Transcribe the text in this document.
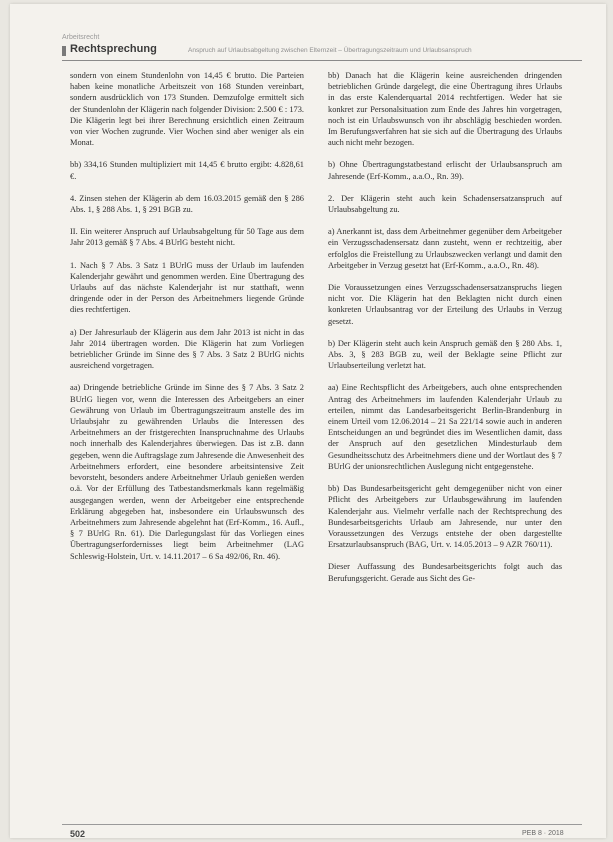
Arbeitsrecht
Rechtsprechung	Anspruch auf Urlaubsabgeltung zwischen Elternzeit – Übertragungszeitraum und Urlaubsanspruch

sondern von einem Stundenlohn von 14,45 € brutto. Die Parteien haben keine monatliche Arbeitszeit von 168 Stunden vereinbart, sondern ausdrücklich von 173 Stunden. Demzufolge ermittelt sich der Stundenlohn der Klägerin nach folgender Division: 2.500 € : 173. Die Klägerin legt bei ihrer Berechnung ersichtlich einen Zeitraum von vier Wochen zugrunde. Vier Wochen sind aber weniger als ein Monat.

bb) 334,16 Stunden multipliziert mit 14,45 € brutto ergibt: 4.828,61 €.

4. Zinsen stehen der Klägerin ab dem 16.03.2015 gemäß den § 286 Abs. 1, § 288 Abs. 1, § 291 BGB zu.

II. Ein weiterer Anspruch auf Urlaubsabgeltung für 50 Tage aus dem Jahr 2013 gemäß § 7 Abs. 4 BUrlG besteht nicht.

1. Nach § 7 Abs. 3 Satz 1 BUrlG muss der Urlaub im laufenden Kalenderjahr gewährt und genommen werden. Eine Übertragung des Urlaubs auf das nächste Kalenderjahr ist nur statthaft, wenn dringende oder in der Person des Arbeitnehmers liegende Gründe dies rechtfertigen.

a) Der Jahresurlaub der Klägerin aus dem Jahr 2013 ist nicht in das Jahr 2014 übertragen worden. Die Klägerin hat zum Vorliegen betrieblicher Gründe im Sinne des § 7 Abs. 3 Satz 2 BUrlG nichts ausreichend vorgetragen.

aa) Dringende betriebliche Gründe im Sinne des § 7 Abs. 3 Satz 2 BUrlG liegen vor, wenn die Interessen des Arbeitgebers an einer Gewährung von Urlaub im Übertragungszeitraum anstelle des im Urlaubsjahr zu gewährenden Urlaubs die Interessen des Arbeitnehmers an der fristgerechten Inanspruchnahme des Urlaubs noch innerhalb des Kalenderjahres überwiegen. Das ist z.B. dann gegeben, wenn die Auftragslage zum Jahresende die Anwesenheit des Arbeitnehmers erfordert, eine besondere arbeitsintensive Zeit bevorsteht, besonders andere Arbeitnehmer Urlaub genießen werden o.ä. Vor der Erfüllung des Tatbestandsmerkmals kann regelmäßig ausgegangen werden, wenn der Arbeitgeber eine entsprechende Erklärung abgegeben hat, insbesondere ein Urlaubswunsch des Arbeitnehmers zum Jahresende abgelehnt hat (Erf-Komm., 16. Aufl., § 7 BUrlG Rn. 61). Die Darlegungslast für das Vorliegen eines Übertragungserfordernisses liegt beim Arbeitnehmer (LAG Schleswig-Holstein, Urt. v. 14.11.2017 – 6 Sa 492/06, Rn. 46).

bb) Danach hat die Klägerin keine ausreichenden dringenden betrieblichen Gründe dargelegt, die eine Übertragung ihres Urlaubs in das erste Kalenderquartal 2014 rechtfertigen. Weder hat sie konkret zur Personalsituation zum Ende des Jahres hin vorgetragen, noch ist ein Urlaubswunsch von ihr abschlägig beschieden worden. Im Berufungsverfahren hat sie sich auf die Übertragung des Urlaubs auch nicht mehr bezogen.

b) Ohne Übertragungstatbestand erlischt der Urlaubsanspruch am Jahresende (Erf-Komm., a.a.O., Rn. 39).

2. Der Klägerin steht auch kein Schadensersatzanspruch auf Urlaubsabgeltung zu.

a) Anerkannt ist, dass dem Arbeitnehmer gegenüber dem Arbeitgeber ein Verzugsschadensersatz dann zusteht, wenn er rechtzeitig, aber erfolglos die Freistellung zu Urlaubszwecken verlangt und damit den Arbeitgeber in Verzug gesetzt hat (Erf-Komm., a.a.O., Rn. 48).

Die Voraussetzungen eines Verzugsschadensersatzanspruchs liegen nicht vor. Die Klägerin hat den Beklagten nicht durch einen konkreten Urlaubsantrag vor der Erteilung des Urlaubs in Verzug gesetzt.

b) Der Klägerin steht auch kein Anspruch gemäß den § 280 Abs. 1, Abs. 3, § 283 BGB zu, weil der Beklagte seine Pflicht zur Urlaubserteilung verletzt hat.

aa) Eine Rechtspflicht des Arbeitgebers, auch ohne entsprechenden Antrag des Arbeitnehmers im laufenden Kalenderjahr Urlaub zu erteilen, nimmt das Landesarbeitsgericht Berlin-Brandenburg in einem Urteil vom 12.06.2014 – 21 Sa 221/14 sowie auch in anderen Entscheidungen an und begründet dies im Wesentlichen damit, dass der Anspruch auf den gesetzlichen Mindesturlaub dem Gesundheitsschutz des Arbeitnehmers diene und der Wortlaut des § 7 BUrlG der unionsrechtlichen Auslegung nicht entgegenstehe.

bb) Das Bundesarbeitsgericht geht demgegenüber nicht von einer Pflicht des Arbeitgebers zur Urlaubsgewährung im laufenden Kalenderjahr aus. Vielmehr verfalle nach der Rechtsprechung des Bundesarbeitsgerichts Urlaub am Jahresende, nur unter den Voraussetzungen des Verzugs entstehe der oben dargestellte Ersatzurlaubsanspruch (BAG, Urt. v. 14.05.2013 – 9 AZR 760/11).

Dieser Auffassung des Bundesarbeitsgerichts folgt auch das Berufungsgericht. Gerade aus Sicht des Ge-

502	PEB 8 · 2018
